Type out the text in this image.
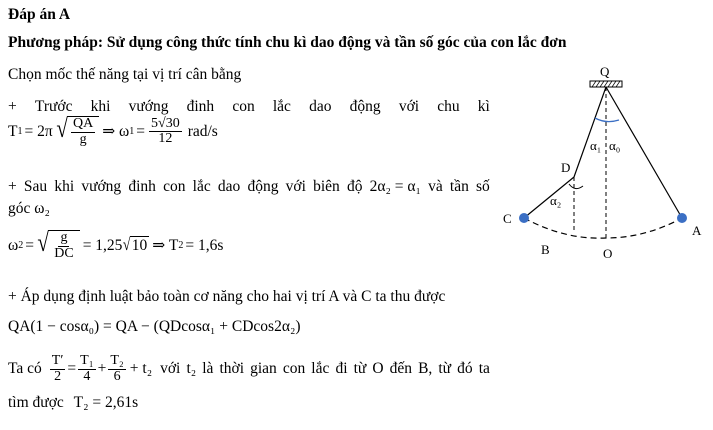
Đáp án A
Phương pháp: Sử dụng công thức tính chu kì dao động và tần số góc của con lắc đơn
Chọn mốc thế năng tại vị trí cân bằng
+ Trước khi vướng đinh con lắc dao động với chu kì
T 1 = 2π √ $\frac{QA}{g}$ ⇒ ω $1 = \frac{5√30}{12} rad/s$
+ Sau khi vướng đinh con lắc dao động với biên độ 2α₂ = α₁ và tần số
góc ω₂
ω 2 = √ $\frac{g}{DC} = 1,25$ √ 10 ⇒ T 2 = 1,6s
+ Áp dụng định luật bảo toàn cơ năng cho hai vị trí A và C ta thu được
QA(1 − cosα₀) = QA − (QDcosα₁ + CDcos2α₂)
Ta có $\frac{T'}{2} = \frac{\text{T₁}}{4} + \frac{\text{T₂}}{6} + t_2$ với t₂ là thời gian con lắc đi từ O đến B, từ đó ta
tìm được T₂ = 2,61s
Q
D
C
B	O
A
α₁ α₀
α₂
